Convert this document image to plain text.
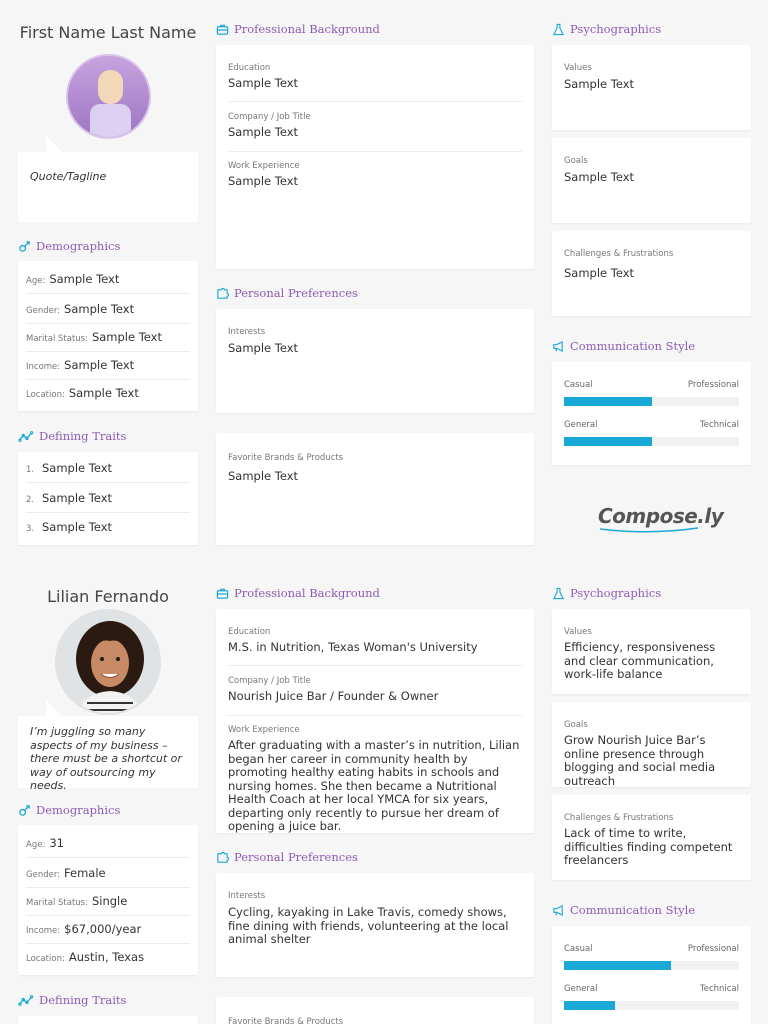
First Name Last Name
Quote/Tagline
Demographics
Age: Sample Text
Gender: Sample Text
Marital Status: Sample Text
Income: Sample Text
Location: Sample Text
Defining Traits
1. Sample Text
2. Sample Text
3. Sample Text
Professional Background
Education
Sample Text
Company / Job Title
Sample Text
Work Experience
Sample Text
Personal Preferences
Interests
Sample Text
Favorite Brands & Products
Sample Text
Psychographics
Values
Sample Text
Goals
Sample Text
Challenges & Frustrations
Sample Text
Communication Style
Casual	Professional
General	Technical
Compose.ly
Lilian Fernando
I’m juggling so many aspects of my business – there must be a shortcut or way of outsourcing my needs.
Demographics
Age: 31
Gender: Female
Marital Status: Single
Income: $67,000/year
Location: Austin, Texas
Defining Traits
Professional Background
Education
M.S. in Nutrition, Texas Woman's University
Company / Job Title
Nourish Juice Bar / Founder & Owner
Work Experience
After graduating with a master’s in nutrition, Lilian began her career in community health by promoting healthy eating habits in schools and nursing homes. She then became a Nutritional Health Coach at her local YMCA for six years, departing only recently to pursue her dream of opening a juice bar.
Personal Preferences
Interests
Cycling, kayaking in Lake Travis, comedy shows, fine dining with friends, volunteering at the local animal shelter
Favorite Brands & Products
Psychographics
Values
Efficiency, responsiveness and clear communication, work-life balance
Goals
Grow Nourish Juice Bar’s online presence through blogging and social media outreach
Challenges & Frustrations
Lack of time to write, difficulties finding competent freelancers
Communication Style
Casual	Professional
General	Technical
